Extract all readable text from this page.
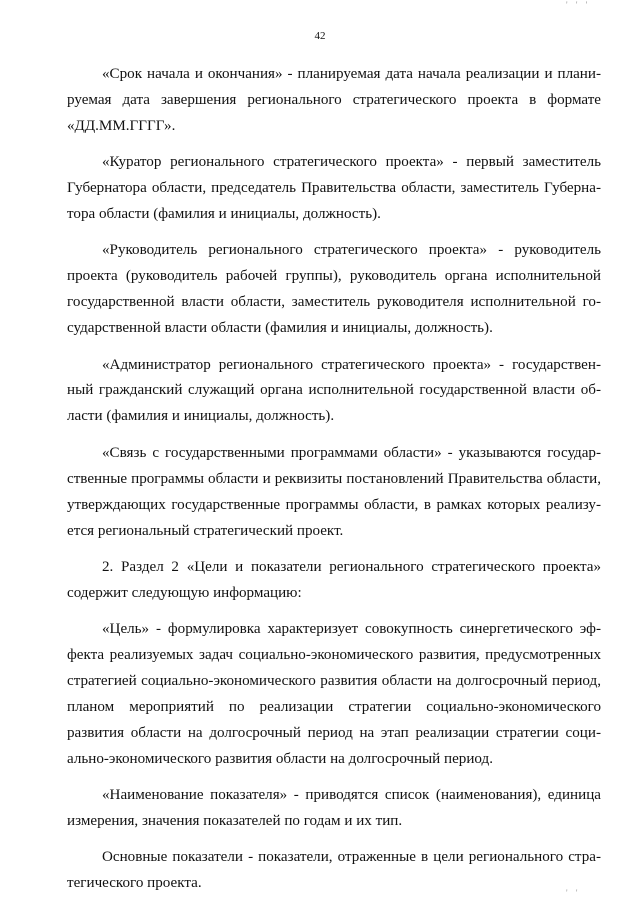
' ' '
42

«Срок начала и окончания» - планируемая дата начала реализации и планируемая дата завершения регионального стратегического проекта в формате «ДД.ММ.ГГГГ».

«Куратор регионального стратегического проекта» - первый заместитель Губернатора области, председатель Правительства области, заместитель Губернатора области (фамилия и инициалы, должность).

«Руководитель регионального стратегического проекта» - руководитель проекта (руководитель рабочей группы), руководитель органа исполнительной государственной власти области, заместитель руководителя исполнительной государственной власти области (фамилия и инициалы, должность).

«Администратор регионального стратегического проекта» - государственный гражданский служащий органа исполнительной государственной власти области (фамилия и инициалы, должность).

«Связь с государственными программами области» - указываются государственные программы области и реквизиты постановлений Правительства области, утверждающих государственные программы области, в рамках которых реализуется региональный стратегический проект.

2. Раздел 2 «Цели и показатели регионального стратегического проекта» содержит следующую информацию:

«Цель» - формулировка характеризует совокупность синергетического эффекта реализуемых задач социально-экономического развития, предусмотренных стратегией социально-экономического развития области на долгосрочный период, планом мероприятий по реализации стратегии социально-экономического развития области на долгосрочный период на этап реализации стратегии социально-экономического развития области на долгосрочный период.

«Наименование показателя» - приводятся список (наименования), единица измерения, значения показателей по годам и их тип.

Основные показатели - показатели, отраженные в цели регионального стратегического проекта.

' '
